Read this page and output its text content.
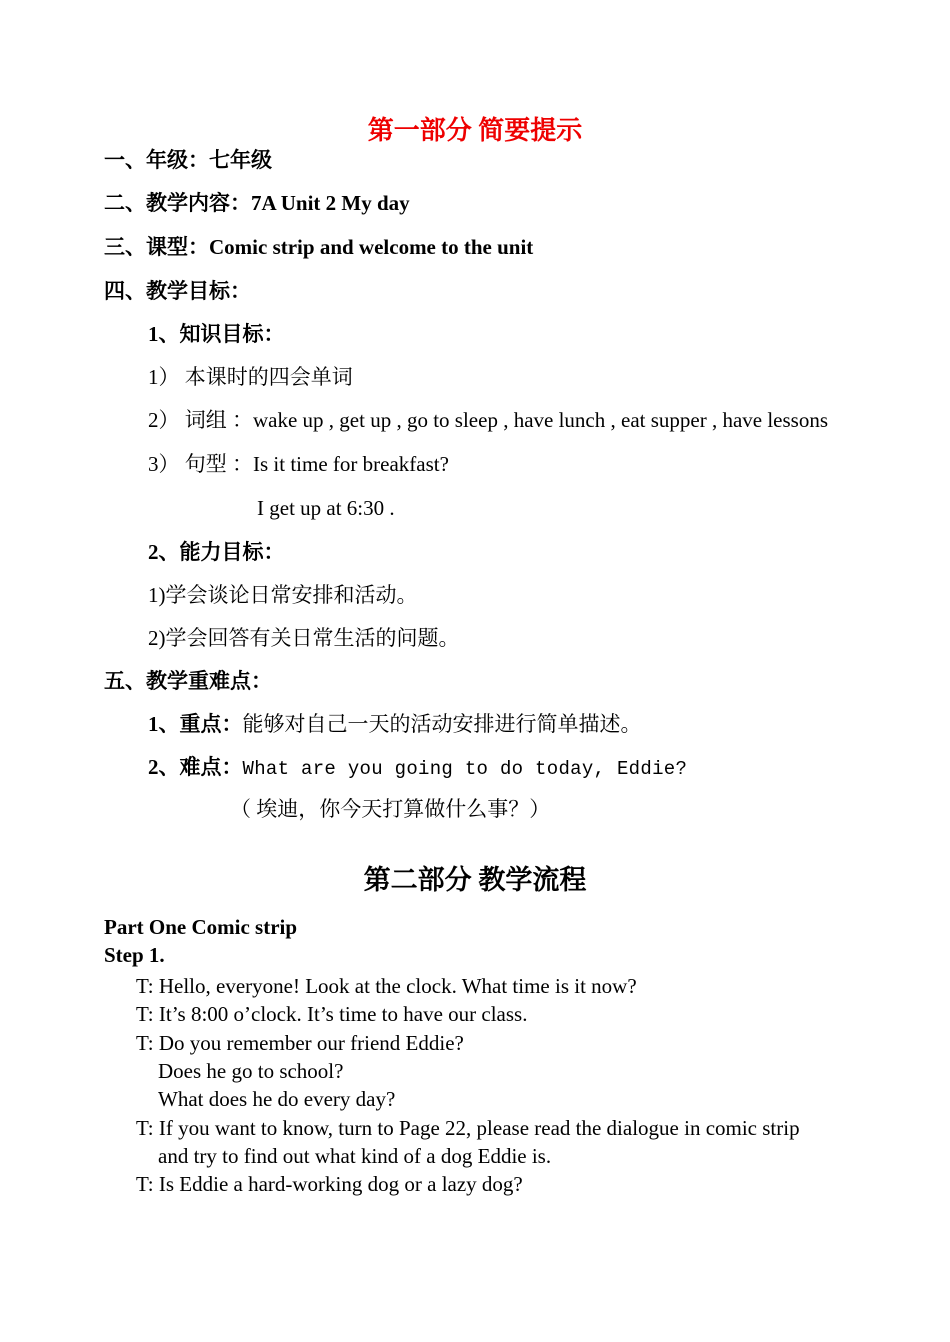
第一部分 简要提示
一、年级：七年级
二、教学内容：7A Unit 2 My day
三、课型：Comic strip and welcome to the unit
四、教学目标：
1、知识目标：
1） 本课时的四会单词
2） 词组 ：wake up , get up , go to sleep , have lunch , eat supper , have lessons
3） 句型 ：Is it time for breakfast?
I get up at 6:30 .
2、能力目标：
1)学会谈论日常安排和活动。
2)学会回答有关日常生活的问题。
五、教学重难点：
1、重点：能够对自己一天的活动安排进行简单描述。
2、难点：What are you going to do today, Eddie?
（ 埃迪，你今天打算做什么事？）
第二部分 教学流程
Part One Comic strip
Step 1.
T: Hello, everyone! Look at the clock. What time is it now?
T: It’s 8:00 o’clock. It’s time to have our class.
T: Do you remember our friend Eddie?
Does he go to school?
What does he do every day?
T: If you want to know, turn to Page 22, please read the dialogue in comic strip
and try to find out what kind of a dog Eddie is.
T: Is Eddie a hard-working dog or a lazy dog?
